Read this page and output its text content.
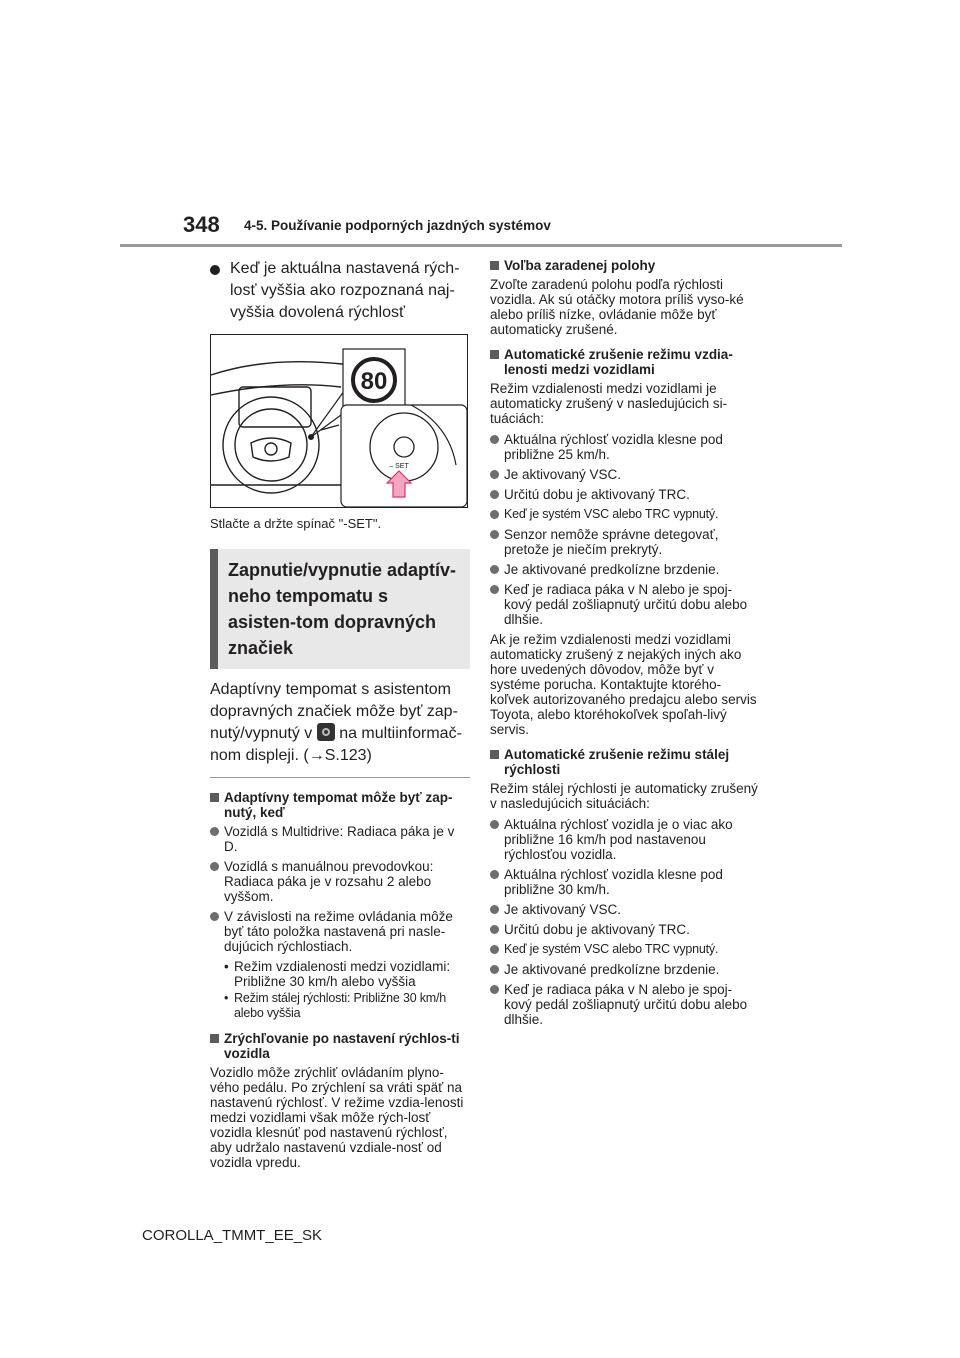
348 4-5. Používanie podporných jazdných systémov
Keď je aktuálna nastavená rých-losť vyššia ako rozpoznaná naj-vyššia dovolená rýchlosť
80
– SET
Stlačte a držte spínač "-SET".
Zapnutie/vypnutie adaptív-neho tempomatu s asisten-tom dopravných značiek
Adaptívny tempomat s asistentom dopravných značiek môže byť zap-nutý/vypnutý v na multiinformač-nom displeji. (→S.123)
Adaptívny tempomat môže byť zap-nutý, keď
Vozidlá s Multidrive: Radiaca páka je v D.
Vozidlá s manuálnou prevodovkou: Radiaca páka je v rozsahu 2 alebo vyššom.
V závislosti na režime ovládania môže byť táto položka nastavená pri nasle-dujúcich rýchlostiach.
• Režim vzdialenosti medzi vozidlami: Približne 30 km/h alebo vyššia
• Režim stálej rýchlosti: Približne 30 km/h alebo vyššia
Zrýchľovanie po nastavení rýchlos-ti vozidla
Vozidlo môže zrýchliť ovládaním plyno-vého pedálu. Po zrýchlení sa vráti späť na nastavenú rýchlosť. V režime vzdia-lenosti medzi vozidlami však môže rých-losť vozidla klesnúť pod nastavenú rýchlosť, aby udržalo nastavenú vzdiale-nosť od vozidla vpredu.
Voľba zaradenej polohy
Zvoľte zaradenú polohu podľa rýchlosti vozidla. Ak sú otáčky motora príliš vyso-ké alebo príliš nízke, ovládanie môže byť automaticky zrušené.
Automatické zrušenie režimu vzdia-lenosti medzi vozidlami
Režim vzdialenosti medzi vozidlami je automaticky zrušený v nasledujúcich si-tuáciách:
Aktuálna rýchlosť vozidla klesne pod približne 25 km/h.
Je aktivovaný VSC.
Určitú dobu je aktivovaný TRC.
Keď je systém VSC alebo TRC vypnutý.
Senzor nemôže správne detegovať, pretože je niečím prekrytý.
Je aktivované predkolízne brzdenie.
Keď je radiaca páka v N alebo je spoj-kový pedál zošliapnutý určitú dobu alebo dlhšie.
Ak je režim vzdialenosti medzi vozidlami automaticky zrušený z nejakých iných ako hore uvedených dôvodov, môže byť v systéme porucha. Kontaktujte ktorého-koľvek autorizovaného predajcu alebo servis Toyota, alebo ktoréhokoľvek spoľah-livý servis.
Automatické zrušenie režimu stálej rýchlosti
Režim stálej rýchlosti je automaticky zrušený v nasledujúcich situáciách:
Aktuálna rýchlosť vozidla je o viac ako približne 16 km/h pod nastavenou rýchlosťou vozidla.
Aktuálna rýchlosť vozidla klesne pod približne 30 km/h.
Je aktivovaný VSC.
Určitú dobu je aktivovaný TRC.
Keď je systém VSC alebo TRC vypnutý.
Je aktivované predkolízne brzdenie.
Keď je radiaca páka v N alebo je spoj-kový pedál zošliapnutý určitú dobu alebo dlhšie.
COROLLA_TMMT_EE_SK
